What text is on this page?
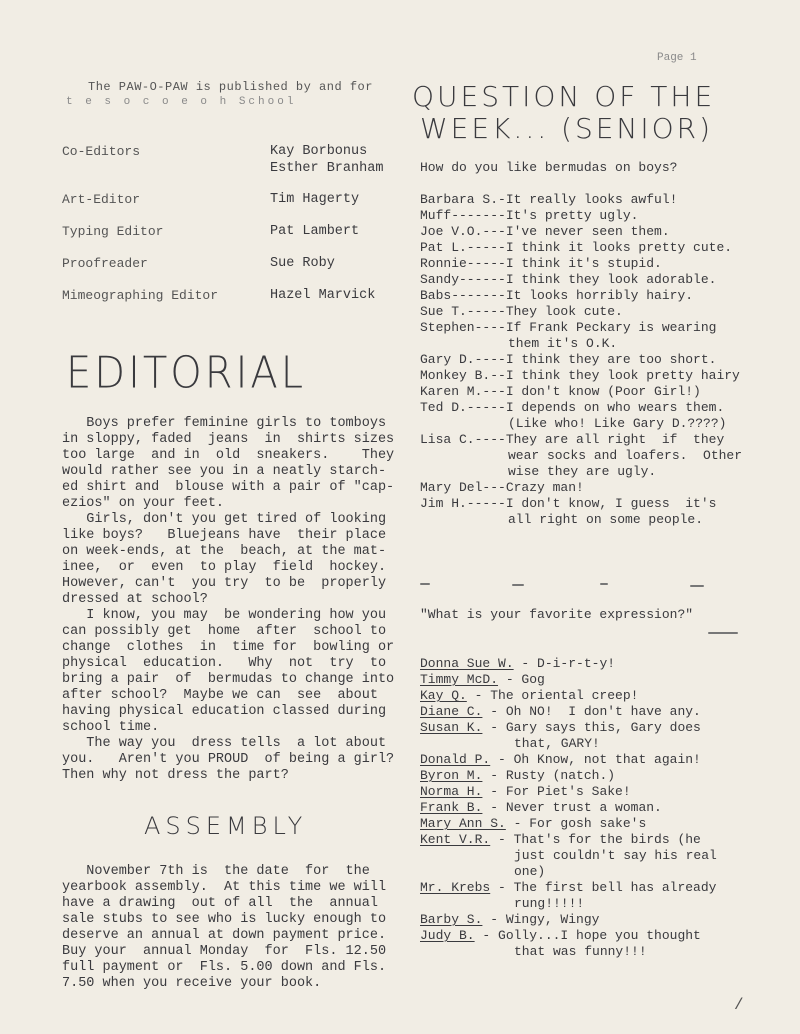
The PAW-O-PAW is published by and for
t e s o c o e o h School
Page 1
Co-Editors	Kay Borbonus
Esther Branham
Art-Editor	Tim Hagerty
Typing Editor	Pat Lambert
Proofreader	Sue Roby
Mimeographing Editor	Hazel Marvick
QUESTION OF THE
WEEK... (SENIOR)
How do you like bermudas on boys?
Barbara S.-It really looks awful!
Muff-------It's pretty ugly.
Joe V.O.---I've never seen them.
Pat L.-----I think it looks pretty cute.
Ronnie-----I think it's stupid.
Sandy------I think they look adorable.
Babs-------It looks horribly hairy.
Sue T.-----They look cute.
Stephen----If Frank Peckary is wearing
them it's O.K.
Gary D.----I think they are too short.
Monkey B.--I think they look pretty hairy
Karen M.---I don't know (Poor Girl!)
Ted D.-----I depends on who wears them.
(Like who! Like Gary D.????)
Lisa C.----They are all right  if  they
wear socks and loafers.  Other
wise they are ugly.
Mary Del---Crazy man!
Jim H.-----I don't know, I guess  it's
all right on some people.
EDITORIAL
Boys prefer feminine girls to tomboys
in sloppy, faded  jeans  in  shirts sizes
too large  and in  old  sneakers.    They
would rather see you in a neatly starch-
ed shirt and  blouse with a pair of "cap-
ezios" on your feet.
Girls, don't you get tired of looking
like boys?   Bluejeans have  their place
on week-ends, at the  beach, at the mat-
inee,  or  even  to play  field  hockey.
However, can't  you try  to be  properly
dressed at school?
I know, you may  be wondering how you
can possibly get  home  after  school to
change  clothes  in  time for  bowling or
physical  education.   Why  not  try  to
bring a pair  of  bermudas to change into
after school?  Maybe we can  see  about
having physical education classed during
school time.
The way you  dress tells  a lot about
you.   Aren't you PROUD  of being a girl?
Then why not dress the part?
ASSEMBLY
November 7th is  the date  for  the
yearbook assembly.  At this time we will
have a drawing  out of all  the  annual
sale stubs to see who is lucky enough to
deserve an annual at down payment price.
Buy your  annual Monday  for  Fls. 12.50
full payment or  Fls. 5.00 down and Fls.
7.50 when you receive your book.
"What is your favorite expression?"
Donna Sue W. - D-i-r-t-y!
Timmy McD. - Gog
Kay Q. - The oriental creep!
Diane C. - Oh NO!  I don't have any.
Susan K. - Gary says this, Gary does
that, GARY!
Donald P. - Oh Know, not that again!
Byron M. - Rusty (natch.)
Norma H. - For Piet's Sake!
Frank B. - Never trust a woman.
Mary Ann S. - For gosh sake's
Kent V.R. - That's for the birds (he
just couldn't say his real
one)
Mr. Krebs - The first bell has already
rung!!!!!
Barby S. - Wingy, Wingy
Judy B. - Golly...I hope you thought
that was funny!!!
/
